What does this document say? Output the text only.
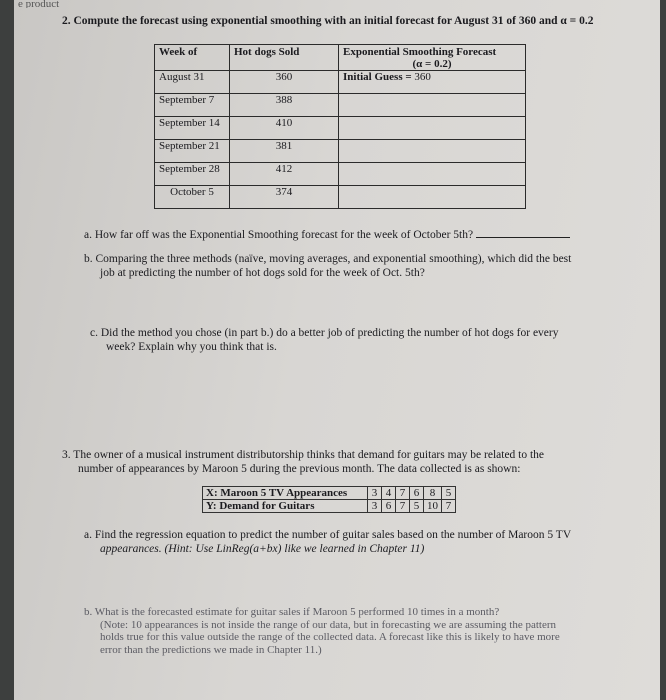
e product
2. Compute the forecast using exponential smoothing with an initial forecast for August 31 of 360 and α = 0.2
Week of	Hot dogs Sold	Exponential Smoothing Forecast
(α = 0.2)

August 31	360	Initial Guess = 360
September 7	388	
September 14	410	
September 21	381	
September 28	412	
October 5	374	
a. How far off was the Exponential Smoothing forecast for the week of October 5th?
b. Comparing the three methods (naïve, moving averages, and exponential smoothing), which did the best
job at predicting the number of hot dogs sold for the week of Oct. 5th?
c. Did the method you chose (in part b.) do a better job of predicting the number of hot dogs for every
week? Explain why you think that is.
3. The owner of a musical instrument distributorship thinks that demand for guitars may be related to the
number of appearances by Maroon 5 during the previous month. The data collected is as shown:
X: Maroon 5 TV Appearances	3	4	7	6	8	5
Y: Demand for Guitars	3	6	7	5	10	7
a. Find the regression equation to predict the number of guitar sales based on the number of Maroon 5 TV
appearances. (Hint: Use LinReg(a+bx) like we learned in Chapter 11)
b. What is the forecasted estimate for guitar sales if Maroon 5 performed 10 times in a month?
(Note: 10 appearances is not inside the range of our data, but in forecasting we are assuming the pattern
holds true for this value outside the range of the collected data. A forecast like this is likely to have more
error than the predictions we made in Chapter 11.)
